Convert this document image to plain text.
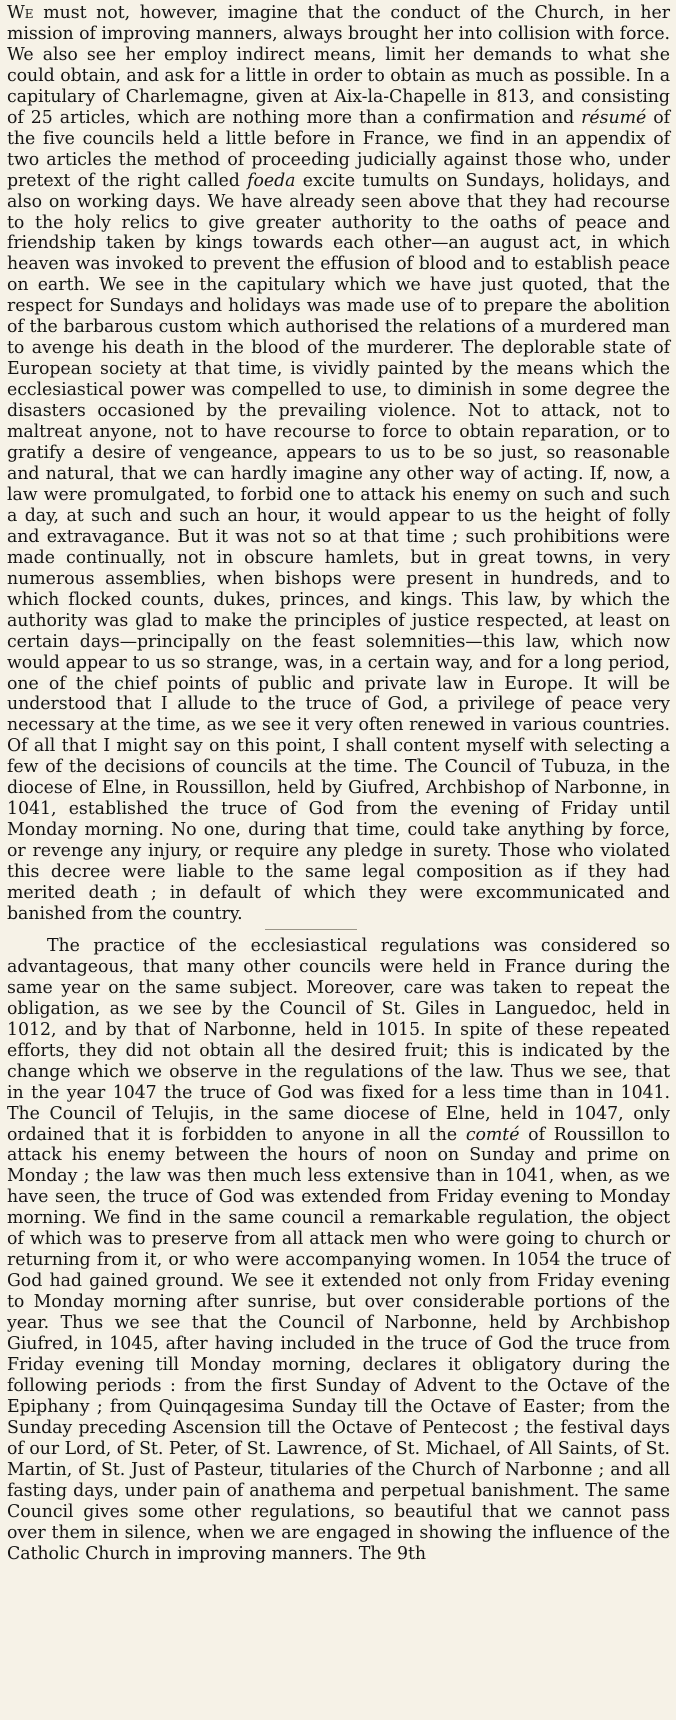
We must not, however, imagine that the conduct of the Church, in her mission of improving manners, always brought her into collision with force. We also see her employ indirect means, limit her demands to what she could obtain, and ask for a little in order to obtain as much as possible. In a capitulary of Charlemagne, given at Aix-la-Chapelle in 813, and consisting of 25 articles, which are nothing more than a confirmation and résumé of the five councils held a little before in France, we find in an appendix of two articles the method of proceeding judicially against those who, under pretext of the right called foeda excite tumults on Sundays, holidays, and also on working days. We have already seen above that they had recourse to the holy relics to give greater authority to the oaths of peace and friendship taken by kings towards each other—an august act, in which heaven was invoked to prevent the effusion of blood and to establish peace on earth. We see in the capitulary which we have just quoted, that the respect for Sundays and holidays was made use of to prepare the abolition of the barbarous custom which authorised the relations of a murdered man to avenge his death in the blood of the murderer. The deplorable state of European society at that time, is vividly painted by the means which the ecclesiastical power was compelled to use, to diminish in some degree the disasters occasioned by the prevailing violence. Not to attack, not to maltreat anyone, not to have recourse to force to obtain reparation, or to gratify a desire of vengeance, appears to us to be so just, so reasonable and natural, that we can hardly imagine any other way of acting. If, now, a law were promulgated, to forbid one to attack his enemy on such and such a day, at such and such an hour, it would appear to us the height of folly and extravagance. But it was not so at that time ; such prohibitions were made continually, not in obscure hamlets, but in great towns, in very numerous assemblies, when bishops were present in hundreds, and to which flocked counts, dukes, princes, and kings. This law, by which the authority was glad to make the principles of justice respected, at least on certain days—principally on the feast solemnities—this law, which now would appear to us so strange, was, in a certain way, and for a long period, one of the chief points of public and private law in Europe. It will be understood that I allude to the truce of God, a privilege of peace very necessary at the time, as we see it very often renewed in various countries. Of all that I might say on this point, I shall content myself with selecting a few of the decisions of councils at the time. The Council of Tubuza, in the diocese of Elne, in Roussillon, held by Giufred, Archbishop of Narbonne, in 1041, established the truce of God from the evening of Friday until Monday morning. No one, during that time, could take anything by force, or revenge any injury, or require any pledge in surety. Those who violated this decree were liable to the same legal composition as if they had merited death ; in default of which they were excommunicated and banished from the country.

The practice of the ecclesiastical regulations was considered so advantageous, that many other councils were held in France during the same year on the same subject. Moreover, care was taken to repeat the obligation, as we see by the Council of St. Giles in Languedoc, held in 1012, and by that of Narbonne, held in 1015. In spite of these repeated efforts, they did not obtain all the desired fruit; this is indicated by the change which we observe in the regulations of the law. Thus we see, that in the year 1047 the truce of God was fixed for a less time than in 1041. The Council of Telujis, in the same diocese of Elne, held in 1047, only ordained that it is forbidden to anyone in all the comté of Roussillon to attack his enemy between the hours of noon on Sunday and prime on Monday ; the law was then much less extensive than in 1041, when, as we have seen, the truce of God was extended from Friday evening to Monday morning. We find in the same council a remarkable regulation, the object of which was to preserve from all attack men who were going to church or returning from it, or who were accompanying women. In 1054 the truce of God had gained ground. We see it extended not only from Friday evening to Monday morning after sunrise, but over considerable portions of the year. Thus we see that the Council of Narbonne, held by Archbishop Giufred, in 1045, after having included in the truce of God the truce from Friday evening till Monday morning, declares it obligatory during the following periods : from the first Sunday of Advent to the Octave of the Epiphany ; from Quinqagesima Sunday till the Octave of Easter; from the Sunday preceding Ascension till the Octave of Pentecost ; the festival days of our Lord, of St. Peter, of St. Lawrence, of St. Michael, of All Saints, of St. Martin, of St. Just of Pasteur, titularies of the Church of Narbonne ; and all fasting days, under pain of anathema and perpetual banishment. The same Council gives some other regulations, so beautiful that we cannot pass over them in silence, when we are engaged in showing the influence of the Catholic Church in improving manners. The 9th
